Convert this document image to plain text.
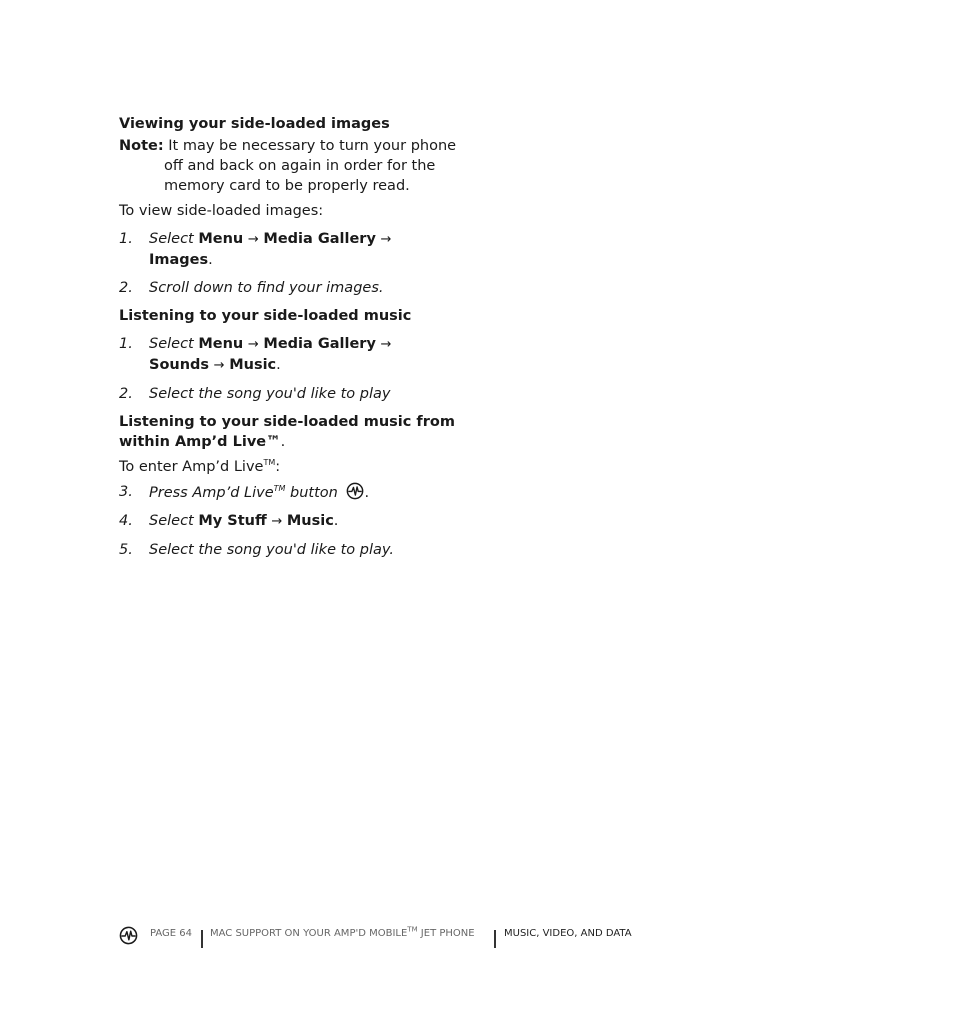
Viewing your side-loaded images

Note: It may be necessary to turn your phone off and back on again in order for the memory card to be properly read.

To view side-loaded images:

1. Select Menu → Media Gallery → Images.

2. Scroll down to find your images.

Listening to your side-loaded music

1. Select Menu → Media Gallery →
Sounds → Music.

2. Select the song you'd like to play

Listening to your side-loaded music from within Amp’d Live™.

To enter Amp’d Live™:

3. Press Amp’d Live™ button .

4. Select My Stuff → Music.

5. Select the song you'd like to play.

PAGE 64 MAC SUPPORT ON YOUR AMP'D MOBILE™ JET PHONE	MUSIC, VIDEO, AND DATA
